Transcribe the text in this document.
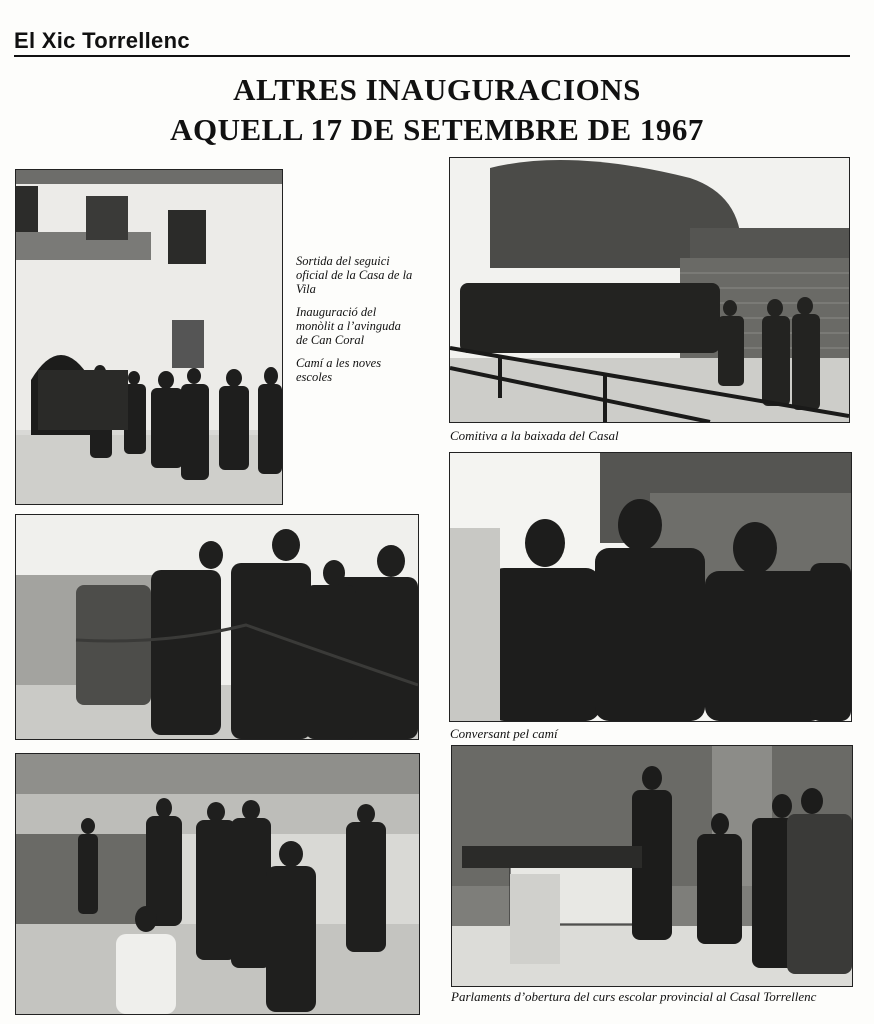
El Xic Torrellenc
ALTRES INAUGURACIONS
AQUELL 17 DE SETEMBRE DE 1967

Sortida del seguici oficial de la Casa de la Vila

Inauguració del monòlit a l’avinguda de Can Coral

Camí a les noves escoles

Comitiva a la baixada del Casal
Conversant pel camí
Parlaments d’obertura del curs escolar provincial al Casal Torrellenc
